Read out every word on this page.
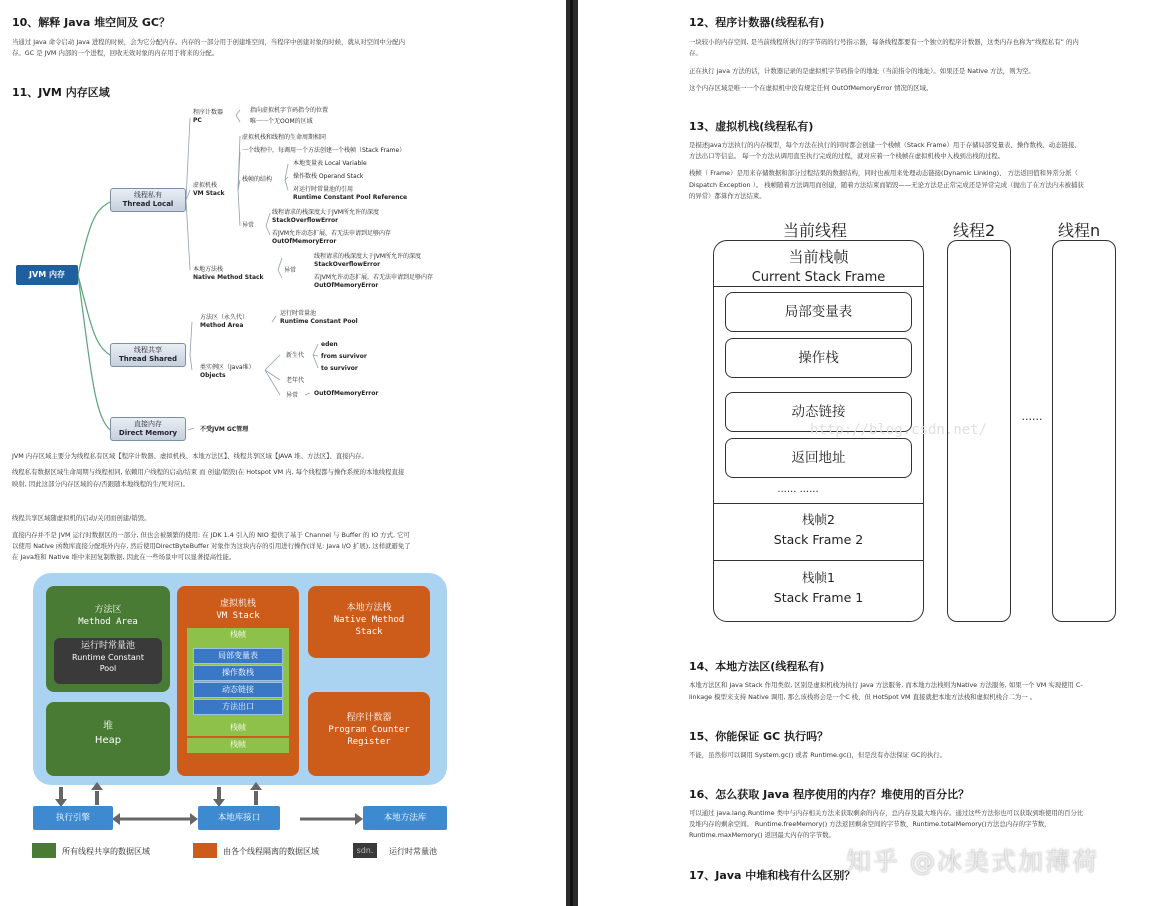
10、解释 Java 堆空间及 GC？
当通过 Java 命令启动 Java 进程的时候，会为它分配内存。内存的一部分用于创建堆空间，当程序中创建对象的时候，就从对空间中分配内
存。GC 是 JVM 内部的一个进程，回收无效对象的内存用于将来的分配。
11、JVM 内存区域
JVM 内存
线程私有
Thread Local
线程共享
Thread Shared
直接内存
Direct Memory
程序计数器
PC
指向虚拟机字节码指令的位置
唯一一个无OOM的区域
虚拟机栈
VM Stack
虚拟机栈和线程的生命周期相同
一个线程中，每调用一个方法创建一个栈帧（Stack Frame）
栈帧的结构
本地变量表 Local Variable
操作数栈 Operand Stack
对运行时常量池的引用
Runtime Constant Pool Reference
异常
线程请求的栈深度大于JVM所允许的深度
StackOverflowError
若JVM允许动态扩展，若无法申请到足够内存
OutOfMemoryError
本地方法栈
Native Method Stack
异常
线程请求的栈深度大于JVM所允许的深度
StackOverflowError
若JVM允许动态扩展，若无法申请到足够内存
OutOfMemoryError
方法区（永久代）
Method Area
运行时常量池
Runtime Constant Pool
类实例区（Java堆）
Objects
新生代
eden
from survivor
to survivor
老年代
异常	OutOfMemoryError
不受JVM GC管理
JVM 内存区域主要分为线程私有区域【程序计数器、虚拟机栈、本地方法区】、线程共享区域【JAVA 堆、方法区】、直接内存。
线程私有数据区域生命周期与线程相同, 依赖用户线程的启动/结束 而 创建/销毁(在 Hotspot VM 内, 每个线程都与操作系统的本地线程直接
映射, 因此这部分内存区域的存/否跟随本地线程的生/死对应)。
线程共享区域随虚拟机的启动/关闭而创建/销毁。
直接内存并不是 JVM 运行时数据区的一部分, 但也会被频繁的使用: 在 JDK 1.4 引入的 NIO 提供了基于 Channel 与 Buffer 的 IO 方式, 它可
以使用 Native 函数库直接分配堆外内存, 然后使用DirectByteBuffer 对象作为这块内存的引用进行操作(详见: Java I/O 扩展), 这样就避免了
在 Java堆和 Native 堆中来回复制数据, 因此在一些场景中可以显著提高性能。
方法区
Method Area
运行时常量池
Runtime Constant
Pool
堆
Heap
虚拟机栈
VM Stack
栈帧
局部变量表
操作数栈
动态链接
方法出口
栈帧
栈帧
本地方法栈
Native Method
Stack
程序计数器
Program Counter
Register
执行引擎	本地库接口	本地方法库
所有线程共享的数据区域	由各个线程隔离的数据区域	sdn.	运行时常量池
12、程序计数器(线程私有)
一块较小的内存空间, 是当前线程所执行的字节码的行号指示器，每条线程都要有一个独立的程序计数器，这类内存也称为“线程私有” 的内
存。
正在执行 java 方法的话，计数器记录的是虚拟机字节码指令的地址（当前指令的地址）。如果还是 Native 方法，则为空。
这个内存区域是唯一一个在虚拟机中没有规定任何 OutOfMemoryError 情况的区域。
13、虚拟机栈(线程私有)
是描述java方法执行的内存模型，每个方法在执行的同时都会创建一个栈帧（Stack Frame）用于存储局部变量表、操作数栈、动态链接、
方法出口等信息。 每一个方法从调用直至执行完成的过程，就对应着一个栈帧在虚拟机栈中入栈到出栈的过程。
栈帧（ Frame）是用来存储数据和部分过程结果的数据结构，同时也被用来处理动态链接(Dynamic Linking)、 方法返回值和异常分派（
Dispatch Exception ）。 栈帧随着方法调用而创建，随着方法结束而销毁——无论方法是正常完成还是异常完成（抛出了在方法内未被捕获
的异常）都算作方法结束。
当前线程	线程2	线程n
当前栈帧
Current Stack Frame
局部变量表
操作栈
动态链接
返回地址
...... ......
栈帧2
Stack Frame 2
栈帧1
Stack Frame 1
......
http://blog.csdn.net/
14、本地方法区(线程私有)
本地方法区和 Java Stack 作用类似, 区别是虚拟机栈为执行 Java 方法服务, 而本地方法栈则为Native 方法服务, 如果一个 VM 实现使用 C-
linkage 模型来支持 Native 调用, 那么该栈将会是一个C 栈，但 HotSpot VM 直接就把本地方法栈和虚拟机栈合二为一 。
15、你能保证 GC 执行吗？
不能，虽然你可以调用 System.gc() 或者 Runtime.gc()，但是没有办法保证 GC的执行。
16、怎么获取 Java 程序使用的内存？堆使用的百分比？
可以通过 java.lang.Runtime 类中与内存相关方法来获取剩余的内存，总内存及最大堆内存。通过这些方法你也可以获取到堆使用的百分比
及堆内存的剩余空间。 Runtime.freeMemory() 方法返回剩余空间的字节数，Runtime.totalMemory()方法总内存的字节数，
Runtime.maxMemory() 返回最大内存的字节数。
17、Java 中堆和栈有什么区别？
知乎 @冰美式加薄荷
